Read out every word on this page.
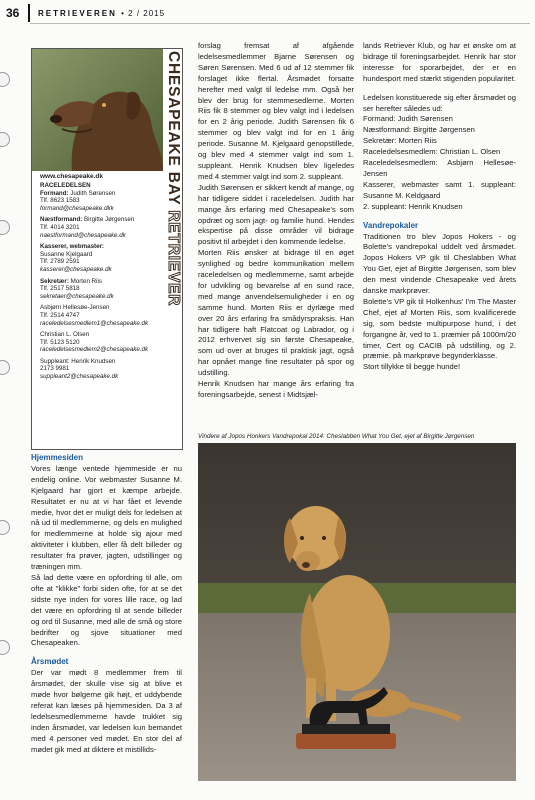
36 RETRIEVEREN • 2 / 2015
CHESAPEAKE BAY RETRIEVER
www.chesapeake.dk
RACELEDELSEN
Formand: Judith Sørensen
Tlf. 8623 1583
formand@chesapeake.dkk
Næstformand: Birgitte Jørgensen
Tlf. 4014 3201
naestformand@chesapeake.dk
Kasserer, webmaster:
Susanne Kjelgaard
Tlf. 2789 2591
kasserer@chesapeake.dk
Sekretær: Morten Riis
Tlf. 2517 5818
sekretaer@chesapeake.dk
Asbjørn Hellesøe-Jensen
Tlf. 2514 4747
raceledelsesmedlem1@chesapeake.dk
Christian L. Olsen
Tlf. 5123 5120
raceledelsesmedlem2@chesapeake.dk
Suppleant: Henrik Knudsen
2173 9981
suppleant2@chesapeake.dk
Hjemmesiden

Vores længe ventede hjemmeside er nu endelig online. Vor webmaster Susanne M. Kjelgaard har gjort et kæmpe arbejde. Resultatet er nu at vi har fået et levende medie, hvor det er muligt dels for ledelsen at nå ud til medlemmerne, og dels en mulighed for medlemmerne at holde sig ajour med aktiviteter i klubben, eller få delt billeder og resultater fra prøver, jagten, udstillinger og træningen mm.

Så lad dette være en opfordring til alle, om ofte at "klikke" forbi siden ofte, for at se det sidste nye inden for vores lille race, og lad det være en opfordring til at sende billeder og ord til Susanne, med alle de små og store bedrifter og sjove situationer med Chesapeaken.

Årsmødet

Der var mødt 8 medlemmer frem til årsmødet, der skulle vise sig at blive et møde hvor bølgerne gik højt, et uddybende referat kan læses på hjemmesiden. Da 3 af ledelsesmedlemmerne havde trukket sig inden årsmødet, var ledelsen kun bemandet med 4 personer ved mødet. En stor del af mødet gik med at diktere et mistillids-

forslag fremsat af afgående ledelsesmedlemmer Bjarne Sørensen og Søren Sørensen. Med 6 ud af 12 stemmer fik forslaget ikke flertal. Årsmødet forsatte herefter med valgt til ledelse mm. Også her blev der brug for stemmesedlerne. Morten Riis fik 8 stemmer og blev valgt ind i ledelsen for en 2 årig periode. Judith Sørensen fik 6 stemmer og blev valgt ind for en 1 årig periode. Susanne M. Kjelgaard genopstillede, og blev med 4 stemmer valgt ind som 1. suppleant. Henrik Knudsen blev ligeledes med 4 stemmer valgt ind som 2. suppleant.

Judith Sørensen er sikkert kendt af mange, og har tidligere siddet i raceledelsen. Judith har mange års erfaring med Chesapeake's som opdræt og som jagt- og familie hund. Hendes ekspertise på disse områder vil bidrage positivt til arbejdet i den kommende ledelse.

Morten Riis ønsker at bidrage til en øget synlighed og bedre kommunikation mellem raceledelsen og medlemmerne, samt arbejde for udvikling og bevarelse af en sund race, med mange anvendelsemuligheder i en og samme hund. Morten Riis er dyrlæge med over 20 års erfaring fra smådyrspraksis. Han har tidligere haft Flatcoat og Labrador, og i 2012 erhvervet sig sin første Chesapeake, som ud over at bruges til praktisk jagt, også har opnået mange fine resultater på spor og udstilling.

Henrik Knudsen har mange års erfaring fra foreningsarbejde, senest i Midtsjæl-

lands Retriever Klub, og har et ønske om at bidrage til foreningsarbejdet. Henrik har stor interesse for sporarbejdet, der er en hundesport med stærkt stigenden popularitet.

Ledelsen konstituerede sig efter årsmødet og ser herefter således ud:

Formand: Judith Sørensen

Næstformand: Birgitte Jørgensen

Sekretær: Morten Riis

Raceledelsesmedlem: Christian L. Olsen

Raceledelsesmedlem: Asbjørn Hellesøe-Jensen

Kasserer, webmaster samt 1. suppleant: Susanne M. Keldgaard

2. suppleant: Henrik Knudsen

Vandrepokaler

Traditionen tro blev Jopos Hokers - og Bolette's vandrepokal uddelt ved årsmødet. Jopos Hokers VP gik til Cheslabben What You Get, ejet af Birgitte Jørgensen, som blev den mest vindende Chesapeake ved årets danske markprøver.

Bolette's VP gik til Holkenhus' I'm The Master Chef, ejet af Morten Riis, som kvalificerede sig, som bedste multipurpose hund, i det forgangne år, ved to 1. præmier på 1000m/20 timer, Cert og CACIB på udstilling, og 2. præmie. på markprøve begynderklasse.

Stort tillykke til begge hunde!

Vindere af Jopos Honkers Vandrepokal 2014: Cheslabben What You Get, ejet af Birgitte Jørgensen
